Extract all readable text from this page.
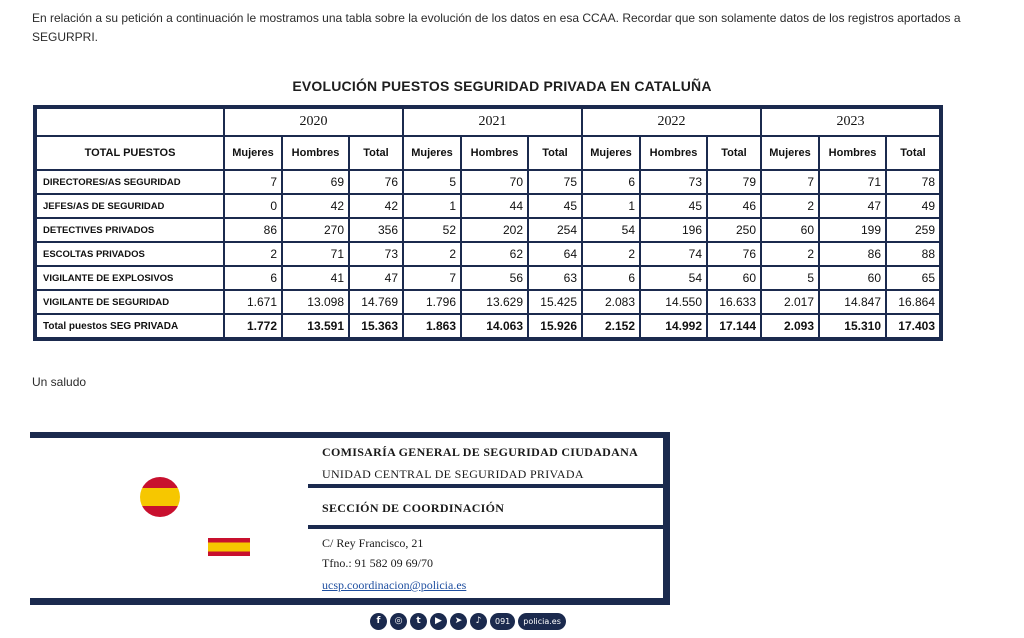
En relación a su petición a continuación le mostramos una tabla sobre la evolución de los datos en esa CCAA. Recordar que son solamente datos de los registros aportados a SEGURPRI.
EVOLUCIÓN PUESTOS SEGURIDAD PRIVADA EN CATALUÑA
	2020			2021			2022			2023		
TOTAL PUESTOS	Mujeres	Hombres	Total	Mujeres	Hombres	Total	Mujeres	Hombres	Total	Mujeres	Hombres	Total
DIRECTORES/AS SEGURIDAD	7	69	76	5	70	75	6	73	79	7	71	78
JEFES/AS DE SEGURIDAD	0	42	42	1	44	45	1	45	46	2	47	49
DETECTIVES PRIVADOS	86	270	356	52	202	254	54	196	250	60	199	259
ESCOLTAS PRIVADOS	2	71	73	2	62	64	2	74	76	2	86	88
VIGILANTE DE EXPLOSIVOS	6	41	47	7	56	63	6	54	60	5	60	65
VIGILANTE DE SEGURIDAD	1.671	13.098	14.769	1.796	13.629	15.425	2.083	14.550	16.633	2.017	14.847	16.864
Total puestos SEG PRIVADA	1.772	13.591	15.363	1.863	14.063	15.926	2.152	14.992	17.144	2.093	15.310	17.403
Un saludo
COMISARÍA GENERAL DE SEGURIDAD CIUDADANA
UNIDAD CENTRAL DE SEGURIDAD PRIVADA
SECCIÓN DE COORDINACIÓN
C/ Rey Francisco, 21
Tfno.: 91 582 09 69/70
ucsp.coordinacion@policia.es
f	◎	t	▶	➤	♪	091	policia.es
